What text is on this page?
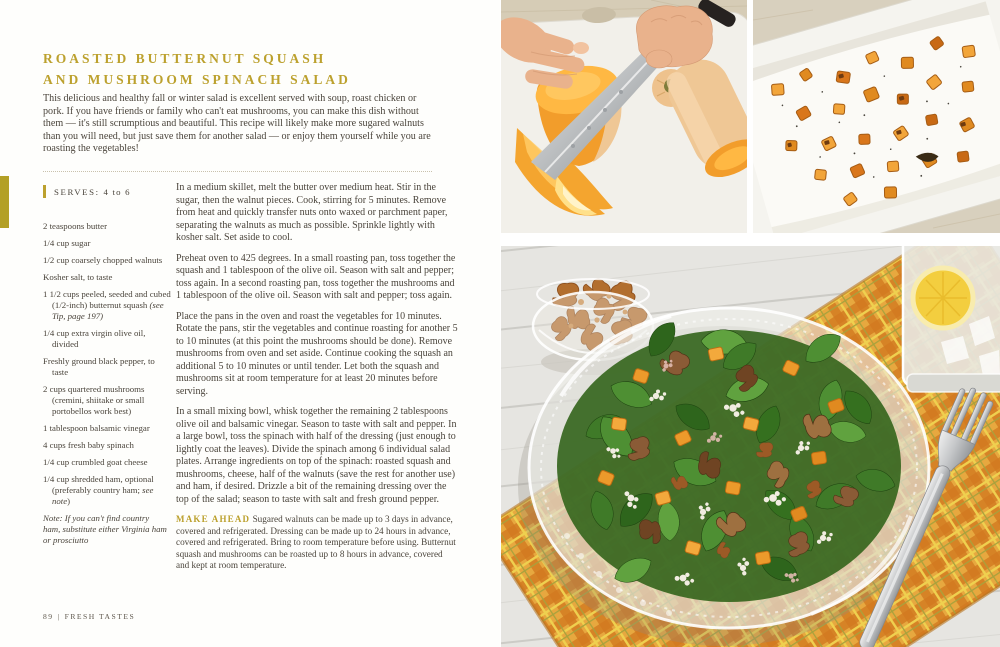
ROASTED BUTTERNUT SQUASH
AND MUSHROOM SPINACH SALAD
This delicious and healthy fall or winter salad is excellent served with soup, roast chicken or pork. If you have friends or family who can't eat mushrooms, you can make this dish without them — it's still scrumptious and beautiful. This recipe will likely make more sugared walnuts than you will need, but just save them for another salad — or enjoy them yourself while you are roasting the vegetables!
SERVES: 4 to 6
2 teaspoons butter
1/4 cup sugar
1/2 cup coarsely chopped walnuts
Kosher salt, to taste
1 1/2 cups peeled, seeded and cubed (1/2-inch) butternut squash (see Tip, page 197)
1/4 cup extra virgin olive oil, divided
Freshly ground black pepper, to taste
2 cups quartered mushrooms (cremini, shiitake or small portobellos work best)
1 tablespoon balsamic vinegar
4 cups fresh baby spinach
1/4 cup crumbled goat cheese
1/4 cup shredded ham, optional (preferably country ham; see note)
Note: If you can't find country ham, substitute either Virginia ham or prosciutto

In a medium skillet, melt the butter over medium heat. Stir in the sugar, then the walnut pieces. Cook, stirring for 5 minutes. Remove from heat and quickly transfer nuts onto waxed or parchment paper, separating the walnuts as much as possible. Sprinkle lightly with kosher salt. Set aside to cool.

Preheat oven to 425 degrees. In a small roasting pan, toss together the squash and 1 tablespoon of the olive oil. Season with salt and pepper; toss again. In a second roasting pan, toss together the mushrooms and 1 tablespoon of the olive oil. Season with salt and pepper; toss again.

Place the pans in the oven and roast the vegetables for 10 minutes. Rotate the pans, stir the vegetables and continue roasting for another 5 to 10 minutes (at this point the mushrooms should be done). Remove mushrooms from oven and set aside. Continue cooking the squash an additional 5 to 10 minutes or until tender. Let both the squash and mushrooms sit at room temperature for at least 20 minutes before serving.

In a small mixing bowl, whisk together the remaining 2 tablespoons olive oil and balsamic vinegar. Season to taste with salt and pepper. In a large bowl, toss the spinach with half of the dressing (just enough to lightly coat the leaves). Divide the spinach among 6 individual salad plates. Arrange ingredients on top of the spinach: roasted squash and mushrooms, cheese, half of the walnuts (save the rest for another use) and ham, if desired. Drizzle a bit of the remaining dressing over the top of the salad; season to taste with salt and fresh ground pepper.

MAKE AHEAD Sugared walnuts can be made up to 3 days in advance, covered and refrigerated. Dressing can be made up to 24 hours in advance, covered and refrigerated. Bring to room temperature before using. Butternut squash and mushrooms can be roasted up to 8 hours in advance, covered and kept at room temperature.
89 | FRESH TASTES
